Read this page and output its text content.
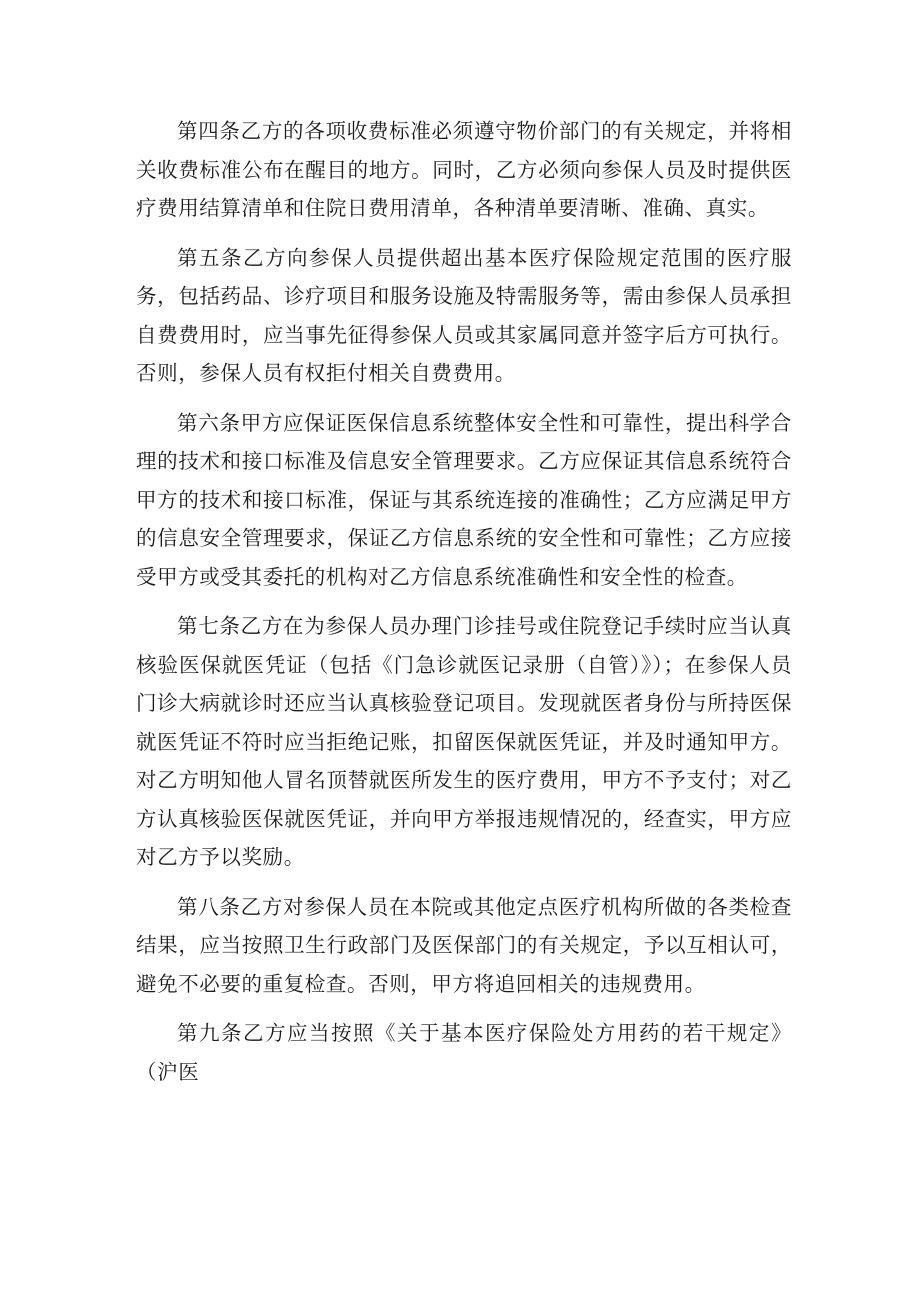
第四条乙方的各项收费标准必须遵守物价部门的有关规定，并将相关收费标准公布在醒目的地方。同时，乙方必须向参保人员及时提供医疗费用结算清单和住院日费用清单，各种清单要清晰、准确、真实。

第五条乙方向参保人员提供超出基本医疗保险规定范围的医疗服务，包括药品、诊疗项目和服务设施及特需服务等，需由参保人员承担自费费用时，应当事先征得参保人员或其家属同意并签字后方可执行。否则，参保人员有权拒付相关自费费用。

第六条甲方应保证医保信息系统整体安全性和可靠性，提出科学合理的技术和接口标准及信息安全管理要求。乙方应保证其信息系统符合甲方的技术和接口标准，保证与其系统连接的准确性；乙方应满足甲方的信息安全管理要求，保证乙方信息系统的安全性和可靠性；乙方应接受甲方或受其委托的机构对乙方信息系统准确性和安全性的检查。

第七条乙方在为参保人员办理门诊挂号或住院登记手续时应当认真核验医保就医凭证（包括《门急诊就医记录册（自管）》）；在参保人员门诊大病就诊时还应当认真核验登记项目。发现就医者身份与所持医保就医凭证不符时应当拒绝记账，扣留医保就医凭证，并及时通知甲方。对乙方明知他人冒名顶替就医所发生的医疗费用，甲方不予支付；对乙方认真核验医保就医凭证，并向甲方举报违规情况的，经查实，甲方应对乙方予以奖励。

第八条乙方对参保人员在本院或其他定点医疗机构所做的各类检查结果，应当按照卫生行政部门及医保部门的有关规定，予以互相认可，避免不必要的重复检查。否则，甲方将追回相关的违规费用。

第九条乙方应当按照《关于基本医疗保险处方用药的若干规定》（沪医
